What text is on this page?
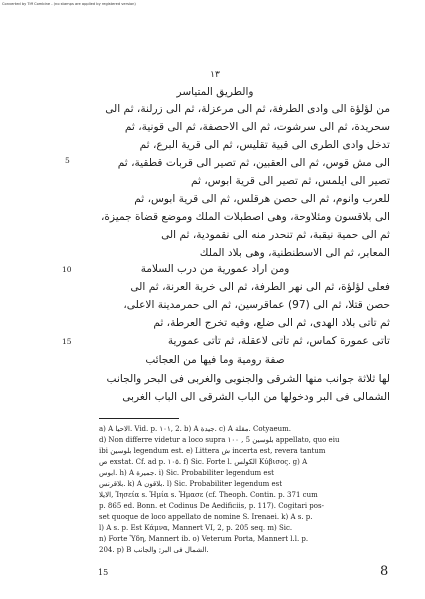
Converted by Tiff Combine - (no stamps are applied by registered version)
١٣
والطريق المتياسر
من لؤلؤة الى وادى الطرفة، ثم الى مرعزلة، ثم الى زرلنة، ثم الى
سحريدة، ثم الى سرشوت، ثم الى الاحصفة، ثم الى قونية، ثم
تدخل وادى الطرى الى قبية تقليس، ثم الى قرية البرع، ثم
الى مش قوس، ثم الى العقبين، ثم تصير الى قربات قطقية، ثم
تصير الى ايلمس، ثم تصير الى قرية ابوس، ثم
للعرب وانوم، ثم الى حصن هرقلس، ثم الى قرية ابوس، ثم
الى بلاقسون ومئلاوحة، وهى اصطبلات الملك وموضع قضاة جميزة،
ثم الى حمية نيقبة، ثم تنحدر منه الى نقمودية، ثم الى
المعابر، ثم الى الاسطنطنية، وهى بلاد الملك
5
ومن اراد عمورية من درب السلامة
10
فعلى لؤلؤة، ثم الى نهر الطرفة، ثم الى خربة العرنة، ثم الى
حصن قتلا، ثم الى (97) عماقرسين، ثم الى حمرمدينة الاعلى،
ثم تأتى بلاد الهدى، ثم الى ضلع، وفيه تخرج العرطة، ثم
تأتى عمورة كماس، ثم تأتى لاعقلة، ثم تأتى عمورية
15
صفة رومية وما فيها من العجائب
لها ثلاثة جوانب منها الشرقى والجنوبى والغربى فى البحر والجانب
الشمالى فى البر ودخولها من الباب الشرقى الى الباب الغربى
a) A الاحيا. Vid. p. ١٠١, 2. b) A جيدة. c) A مقلة. Cotyaeum.
d) Non differre videtur a loco supra ١٠٠ , 5 بلوسين appellato, quo eiu
ibi بلوسين legendum est. e) Littera ش incerta est, revera tantum
ص exstat. Cf. ad p. ١٠٥. f) Sic. Forte l. الكولس Κύβισος. g) A
ابوس. h) A جميرة. i) Sic. Probabiliter legendum est
بلاقرنس. k) A بلاقون. l) Sic. Probabiliter legendum est
الايلا, Ἰησεία s. Ἡμία s. Ἠμασε (cf. Theoph. Contin. p. 371 cum
p. 865 ed. Bonn. et Codinus De Aedificiis, p. 117). Cogitari pos-
set quoque de loco appellato de nomine S. Irenaei. k) A s. p.
l) A s. p. Est Κάμνα, Mannert VI, 2, p. 205 seq. m) Sic.
n) Forte Ὑδη, Mannert ib. o) Veterum Porta, Mannert l.l. p.
204. p) B الشمال فى البر; والجانب.
15	8
